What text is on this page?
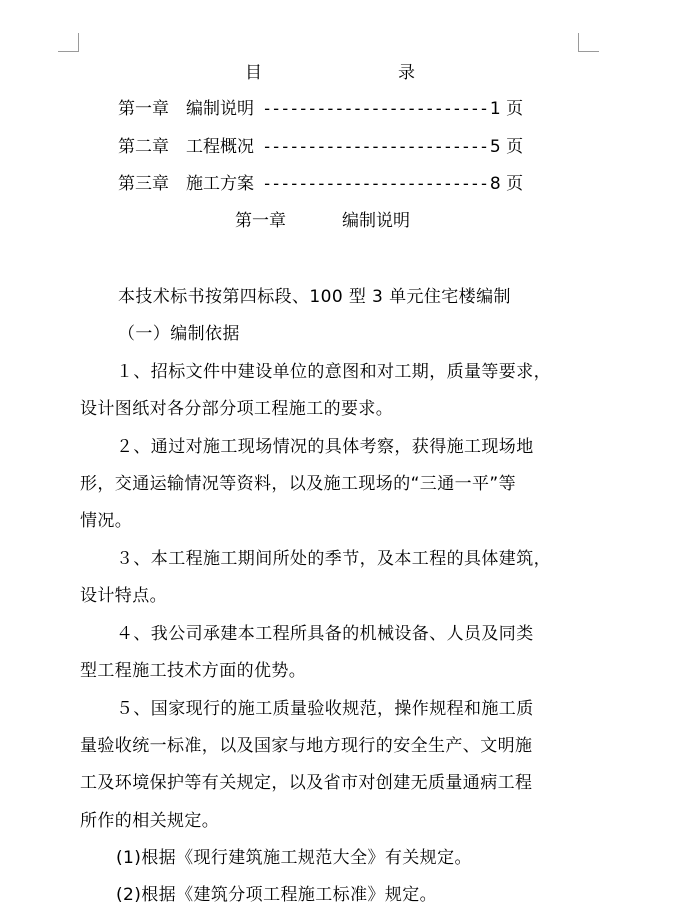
目	录
第一章	编制说明 ------------------------- 1 页
第二章	工程概况 ------------------------- 5 页
第三章	施工方案 ------------------------- 8 页
第一章	编制说明
本技术标书按第四标段、100 型 3 单元住宅楼编制
（一）编制依据
１、招标文件中建设单位的意图和对工期，质量等要求，
设计图纸对各分部分项工程施工的要求。
２、通过对施工现场情况的具体考察，获得施工现场地
形，交通运输情况等资料，以及施工现场的“三通一平”等
情况。
３、本工程施工期间所处的季节，及本工程的具体建筑，
设计特点。
４、我公司承建本工程所具备的机械设备、人员及同类
型工程施工技术方面的优势。
５、国家现行的施工质量验收规范，操作规程和施工质
量验收统一标准，以及国家与地方现行的安全生产、文明施
工及环境保护等有关规定，以及省市对创建无质量通病工程
所作的相关规定。
(1)根据《现行建筑施工规范大全》有关规定。
(2)根据《建筑分项工程施工标准》规定。
